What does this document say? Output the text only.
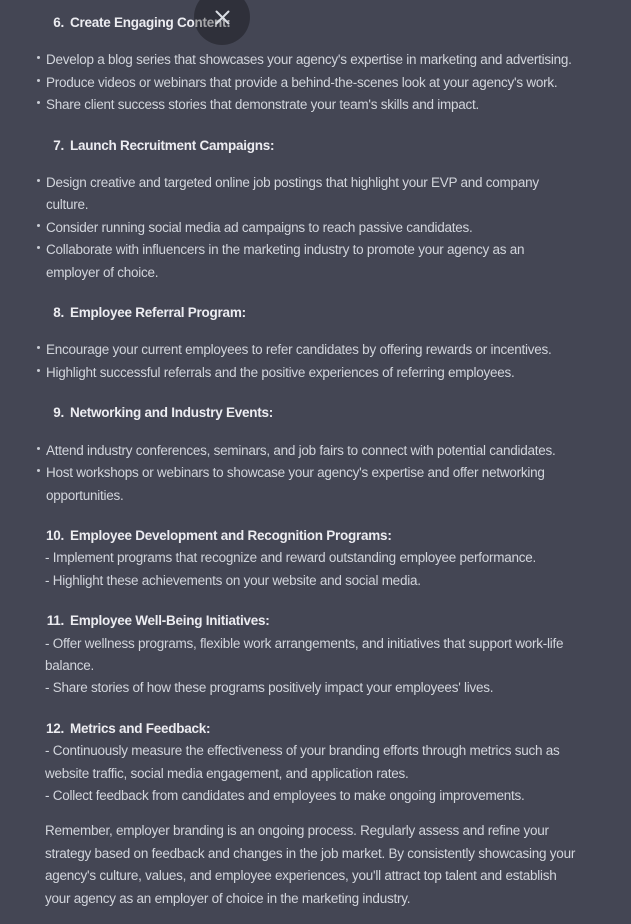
6. Create Engaging Content:
Develop a blog series that showcases your agency's expertise in marketing and advertising.
Produce videos or webinars that provide a behind-the-scenes look at your agency's work.
Share client success stories that demonstrate your team's skills and impact.
7. Launch Recruitment Campaigns:
Design creative and targeted online job postings that highlight your EVP and company
culture.
Consider running social media ad campaigns to reach passive candidates.
Collaborate with influencers in the marketing industry to promote your agency as an
employer of choice.
8. Employee Referral Program:
Encourage your current employees to refer candidates by offering rewards or incentives.
Highlight successful referrals and the positive experiences of referring employees.
9. Networking and Industry Events:
Attend industry conferences, seminars, and job fairs to connect with potential candidates.
Host workshops or webinars to showcase your agency's expertise and offer networking
opportunities.
10. Employee Development and Recognition Programs:
- Implement programs that recognize and reward outstanding employee performance.
- Highlight these achievements on your website and social media.
11. Employee Well-Being Initiatives:
- Offer wellness programs, flexible work arrangements, and initiatives that support work-life
balance.
- Share stories of how these programs positively impact your employees' lives.
12. Metrics and Feedback:
- Continuously measure the effectiveness of your branding efforts through metrics such as
website traffic, social media engagement, and application rates.
- Collect feedback from candidates and employees to make ongoing improvements.
Remember, employer branding is an ongoing process. Regularly assess and refine your
strategy based on feedback and changes in the job market. By consistently showcasing your
agency's culture, values, and employee experiences, you'll attract top talent and establish
your agency as an employer of choice in the marketing industry.
